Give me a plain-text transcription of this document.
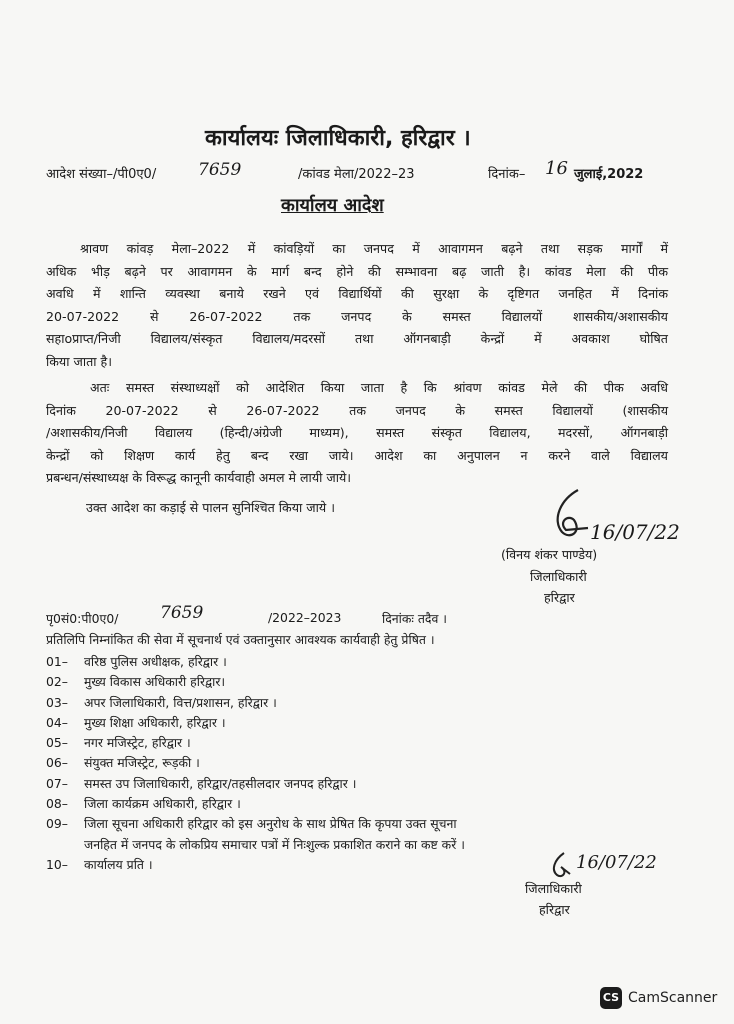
कार्यालयः जिलाधिकारी, हरिद्वार ।
आदेश संख्या–/पी0ए0/ 7659	/कांवड मेला/2022–23	दिनांक– 16 जुलाई,2022
कार्यालय आदेश
श्रावण कांवड़ मेला–2022 में कांवड़ियों का जनपद में आवागमन बढ़ने तथा सड़क मार्गों में
अधिक भीड़ बढ़ने पर आवागमन के मार्ग बन्द होने की सम्भावना बढ़ जाती है। कांवड मेला की पीक
अवधि में शान्ति व्यवस्था बनाये रखने एवं विद्यार्थियों की सुरक्षा के दृष्टिगत जनहित में दिनांक
20-07-2022 से 26-07-2022 तक जनपद के समस्त विद्यालयों शासकीय/अशासकीय
सहाoप्राप्त/निजी विद्यालय/संस्कृत विद्यालय/मदरसों तथा ऑगनबाड़ी केन्द्रों में अवकाश घोषित
किया जाता है।
अतः समस्त संस्थाध्यक्षों को आदेशित किया जाता है कि श्रांवण कांवड मेले की पीक अवधि
दिनांक 20-07-2022 से 26-07-2022 तक जनपद के समस्त विद्यालयों (शासकीय
/अशासकीय/निजी विद्यालय (हिन्दी/अंग्रेजी माध्यम), समस्त संस्कृत विद्यालय, मदरसों, ऑगनबाड़ी
केन्द्रों को शिक्षण कार्य हेतु बन्द रखा जाये। आदेश का अनुपालन न करने वाले विद्यालय
प्रबन्धन/संस्थाध्यक्ष के विरूद्ध कानूनी कार्यवाही अमल मे लायी जाये।
उक्त आदेश का कड़ाई से पालन सुनिश्चित किया जाये ।
16/07/22
(विनय शंकर पाण्डेय)
जिलाधिकारी
हरिद्वार
पृ0सं0:पी0ए0/ 7659	/2022–2023	दिनांकः तदैव ।
प्रतिलिपि निम्नांकित की सेवा में सूचनार्थ एवं उक्तानुसार आवश्यक कार्यवाही हेतु प्रेषित ।
01– वरिष्ठ पुलिस अधीक्षक, हरिद्वार ।
02– मुख्य विकास अधिकारी हरिद्वार।
03– अपर जिलाधिकारी, वित्त/प्रशासन, हरिद्वार ।
04– मुख्य शिक्षा अधिकारी, हरिद्वार ।
05– नगर मजिस्ट्रेट, हरिद्वार ।
06– संयुक्त मजिस्ट्रेट, रूड़की ।
07– समस्त उप जिलाधिकारी, हरिद्वार/तहसीलदार जनपद हरिद्वार ।
08– जिला कार्यक्रम अधिकारी, हरिद्वार ।
09– जिला सूचना अधिकारी हरिद्वार को इस अनुरोध के साथ प्रेषित कि कृपया उक्त सूचना
जनहित में जनपद के लोकप्रिय समाचार पत्रों में निःशुल्क प्रकाशित कराने का कष्ट करें ।
10– कार्यालय प्रति ।	16/07/22
जिलाधिकारी
हरिद्वार
CS CamScanner
